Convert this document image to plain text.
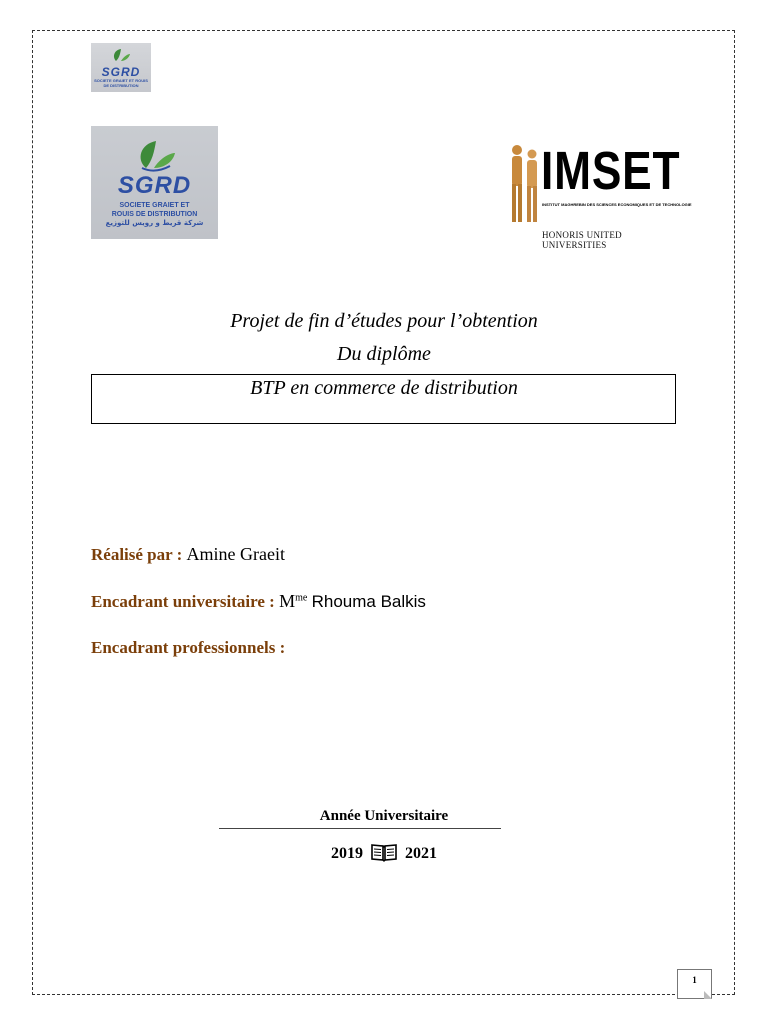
SGRD
SOCIETE GRAIET ET ROUIS DE DISTRIBUTION
SGRD
SOCIETE GRAIET ET
ROUIS DE DISTRIBUTION
شركة قريط و رويس للتوزيع
IMSET
INSTITUT MAGHREBIN DES SCIENCES ECONOMIQUES ET DE TECHNOLOGIE
HONORIS UNITED UNIVERSITIES
Projet de fin d’études pour l’obtention
Du diplôme
BTP en commerce de distribution
Réalisé par : Amine Graeit
Encadrant universitaire : $M^{me}$ Rhouma Balkis
Encadrant professionnels :
Année Universitaire
2019	2021
1
